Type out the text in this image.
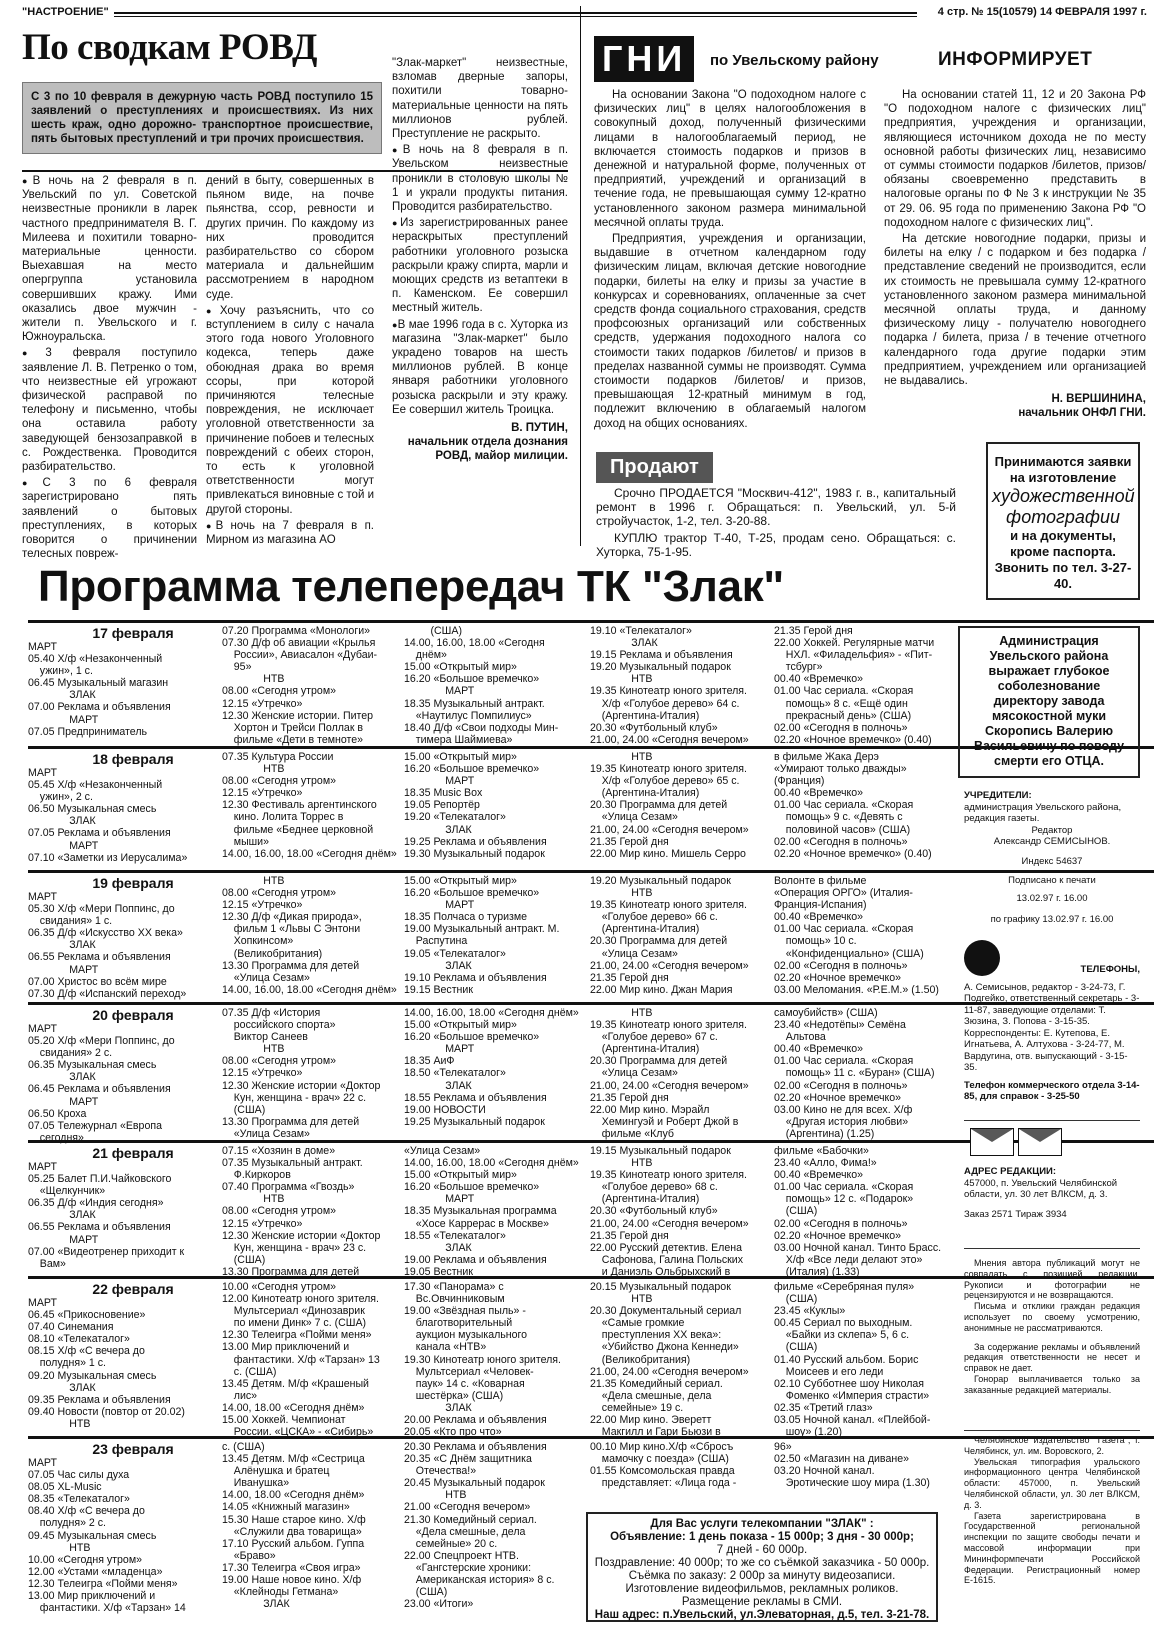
"НАСТРОЕНИЕ"	4 стр. № 15(10579) 14 ФЕВРАЛЯ 1997 г.
По сводкам РОВД
С 3 по 10 февраля в дежурную часть РОВД поступило 15 заявлений о преступлениях и происшествиях. Из них шесть краж, одно дорожно- транспортное происшествие, пять бытовых преступлений и три прочих происшествия.

● В ночь на 2 февраля в п. Увельский по ул. Советской неизвестные проникли в ларек частного предпринимателя В. Г. Милеева и похитили товарно-материальные ценности. Выехавшая на место опергруппа установила совершивших кражу. Ими оказались двое мужчин - жители п. Увельского и г. Южноуральска.

● 3 февраля поступило заявление Л. В. Петренко о том, что неизвестные ей угрожают физической расправой по телефону и письменно, чтобы она оставила работу заведующей бензозаправкой в с. Рождественка. Проводится разбирательство.

● С 3 по 6 февраля зарегистрировано пять заявлений о бытовых преступлениях, в которых говорится о причинении телесных повреж-

дений в быту, совершенных в пьяном виде, на почве пьянства, ссор, ревности и других причин. По каждому из них проводится разбирательство со сбором материала и дальнейшим рассмотрением в народном суде.

● Хочу разъяснить, что со вступлением в силу с начала этого года нового Уголовного кодекса, теперь даже обоюдная драка во время ссоры, при которой причиняются телесные повреждения, не исключает уголовной ответственности за причинение побоев и телесных повреждений с обеих сторон, то есть к уголовной ответственности могут привлекаться виновные с той и другой стороны.

● В ночь на 7 февраля в п. Мирном из магазина АО

"Злак-маркет" неизвестные, взломав дверные запоры, похитили товарно-материальные ценности на пять миллионов рублей. Преступление не раскрыто.

● В ночь на 8 февраля в п. Увельском неизвестные проникли в столовую школы № 1 и украли продукты питания. Проводится разбирательство.

● Из зарегистрированных ранее нераскрытых преступлений работники уголовного розыска раскрыли кражу спирта, марли и моющих средств из ветаптеки в п. Каменском. Ее совершил местный житель.

● В мае 1996 года в с. Хуторка из магазина "Злак-маркет" было украдено товаров на шесть миллионов рублей. В конце января работники уголовного розыска раскрыли и эту кражу. Ее совершил житель Троицка.

В. ПУТИН,
начальник отдела дознания РОВД, майор милиции.
ГНИ	по Увельскому району	ИНФОРМИРУЕТ

На основании Закона "О подоходном налоге с физических лиц" в целях налогообложения в совокупный доход, полученный физическими лицами в налогооблагаемый период, не включается стоимость подарков и призов в денежной и натуральной форме, полученных от предприятий, учреждений и организаций в течение года, не превышающая сумму 12-кратно установленного законом размера минимальной месячной оплаты труда.

Предприятия, учреждения и организации, выдавшие в отчетном календарном году физическим лицам, включая детские новогодние подарки, билеты на елку и призы за участие в конкурсах и соревнованиях, оплаченные за счет средств фонда социального страхования, средств профсоюзных организаций или собственных средств, удержания подоходного налога со стоимости таких подарков /билетов/ и призов в пределах названной суммы не производят. Сумма стоимости подарков /билетов/ и призов, превышающая 12-кратный минимум в год, подлежит включению в облагаемый налогом доход на общих основаниях.

На основании статей 11, 12 и 20 Закона РФ "О подоходном налоге с физических лиц" предприятия, учреждения и организации, являющиеся источником дохода не по месту основной работы физических лиц, независимо от суммы стоимости подарков /билетов, призов/ обязаны своевременно представить в налоговые органы по Ф № 3 к инструкции № 35 от 29. 06. 95 года по применению Закона РФ "О подоходном налоге с физических лиц".

На детские новогодние подарки, призы и билеты на елку / с подарком и без подарка / представление сведений не производится, если их стоимость не превышала сумму 12-кратного установленного законом размера минимальной месячной оплаты труда, и данному физическому лицу - получателю новогоднего подарка / билета, призa / в течение отчетного календарного года другие подарки этим предприятием, учреждением или организацией не выдавались.

Н. ВЕРШИНИНА,
начальник ОНФЛ ГНИ.
Продают

Срочно ПРОДАЕТСЯ "Москвич-412", 1983 г. в., капитальный ремонт в 1996 г. Обращаться: п. Увельский, ул. 5-й стройучасток, 1-2, тел. 3-20-88.

КУПЛЮ трактор Т-40, Т-25, продам сено. Обращаться: с. Хуторка, 75-1-95.

Принимаются заявки на изготовление
художественной фотографии
и на документы, кроме паспорта.
Звонить по тел. 3-27-40.
Программа телепередач ТК "Злак"
17 февраля
МАРТ
05.40 Х/ф «Незаконченный
ужин», 1 с.
06.45 Музыкальный магазин
ЗЛАК
07.00 Реклама и объявления
МАРТ
07.05 Предприниматель
07.20 Программа «Монологи»
07.30 Д/ф об авиации «Крылья
России», Авиасалон «Дубаи-
95»
НТВ
08.00 «Сегодня утром»
12.15 «Утречко»
12.30 Женские истории. Питер
Хортон и Трейси Поллак в
фильме «Дети в темноте»
(США)
14.00, 16.00, 18.00 «Сегодня
днём»
15.00 «Открытый мир»
16.20 «Большое времечко»
МАРТ
18.35 Музыкальный антракт.
«Наутилус Помпилиус»
18.40 Д/ф «Свои подходы Мин-
тимера Шаймиева»
19.10 «Телекаталог»
ЗЛАК
19.15 Реклама и объявления
19.20 Музыкальный подарок
НТВ
19.35 Кинотеатр юного зрителя.
Х/ф «Голубое дерево» 64 с.
(Аргентина-Италия)
20.30 «Футбольный клуб»
21.00, 24.00 «Сегодня вечером»
21.35 Герой дня
22.00 Хоккей. Регулярные матчи
НХЛ. «Филадельфия» - «Пит-
тсбург»
00.40 «Времечко»
01.00 Час сериала. «Скорая
помощь» 8 с. «Ещё один
прекрасный день» (США)
02.00 «Сегодня в полночь»
02.20 «Ночное времечко» (0.40)
18 февраля
МАРТ
05.45 Х/ф «Незаконченный
ужин», 2 с.
06.50 Музыкальная смесь
ЗЛАК
07.05 Реклама и объявления
МАРТ
07.10 «Заметки из Иерусалима»
07.35 Культура России
НТВ
08.00 «Сегодня утром»
12.15 «Утречко»
12.30 Фестиваль аргентинского
кино. Лолита Торрес в
фильме «Беднее церковной
мыши»
14.00, 16.00, 18.00 «Сегодня днём»
15.00 «Открытый мир»
16.20 «Большое времечко»
МАРТ
18.35 Music Box
19.05 Репортёр
19.20 «Телекаталог»
ЗЛАК
19.25 Реклама и объявления
19.30 Музыкальный подарок
НТВ
19.35 Кинотеатр юного зрителя.
Х/ф «Голубое дерево» 65 с.
(Аргентина-Италия)
20.30 Программа для детей
«Улица Сезам»
21.00, 24.00 «Сегодня вечером»
21.35 Герой дня
22.00 Мир кино. Мишель Серро
в фильме Жака Дерэ
«Умирают только дважды»
(Франция)
00.40 «Времечко»
01.00 Час сериала. «Скорая
помощь» 9 с. «Девять с
половиной часов» (США)
02.00 «Сегодня в полночь»
02.20 «Ночное времечко» (0.40)
19 февраля
МАРТ
05.30 Х/ф «Мери Поппинс, до
свидания» 1 с.
06.35 Д/ф «Искусство XX века»
ЗЛАК
06.55 Реклама и объявления
МАРТ
07.00 Христос во всём мире
07.30 Д/ф «Испанский переход»
НТВ
08.00 «Сегодня утром»
12.15 «Утречко»
12.30 Д/ф «Дикая природа»,
фильм 1 «Львы С Энтони
Хопкинсом»
(Великобритания)
13.30 Программа для детей
«Улица Сезам»
14.00, 16.00, 18.00 «Сегодня днём»
15.00 «Открытый мир»
16.20 «Большое времечко»
МАРТ
18.35 Полчаса о туризме
19.00 Музыкальный антракт. М.
Распутина
19.05 «Телекаталог»
ЗЛАК
19.10 Реклама и объявления
19.15 Вестник
19.20 Музыкальный подарок
НТВ
19.35 Кинотеатр юного зрителя.
«Голубое дерево» 66 с.
(Аргентина-Италия)
20.30 Программа для детей
«Улица Сезам»
21.00, 24.00 «Сегодня вечером»
21.35 Герой дня
22.00 Мир кино. Джан Мария
Волонте в фильме
«Операция ОРГО» (Италия-
Франция-Испания)
00.40 «Времечко»
01.00 Час сериала. «Скорая
помощь» 10 с.
«Конфиденциально» (США)
02.00 «Сегодня в полночь»
02.20 «Ночное времечко»
03.00 Меломания. «Р.Е.М.» (1.50)
20 февраля
МАРТ
05.20 Х/ф «Мери Поппинс, до
свидания» 2 с.
06.35 Музыкальная смесь
ЗЛАК
06.45 Реклама и объявления
МАРТ
06.50 Кроха
07.05 Тележурнал «Европа
сегодня»
07.35 Д/ф «История
российского спорта»
Виктор Санеев
НТВ
08.00 «Сегодня утром»
12.15 «Утречко»
12.30 Женские истории «Доктор
Кун, женщина - врач» 22 с.
(США)
13.30 Программа для детей
«Улица Сезам»
14.00, 16.00, 18.00 «Сегодня днём»
15.00 «Открытый мир»
16.20 «Большое времечко»
МАРТ
18.35 АиФ
18.50 «Телекаталог»
ЗЛАК
18.55 Реклама и объявления
19.00 НОВОСТИ
19.25 Музыкальный подарок
НТВ
19.35 Кинотеатр юного зрителя.
«Голубое дерево» 67 с.
(Аргентина-Италия)
20.30 Программа для детей
«Улица Сезам»
21.00, 24.00 «Сегодня вечером»
21.35 Герой дня
22.00 Мир кино. Мэрайл
Хемингуэй и Роберт Джой в
фильме «Клуб
самоубийств» (США)
23.40 «Недотёпы» Семёна
Альтова
00.40 «Времечко»
01.00 Час сериала. «Скорая
помощь» 11 с. «Буран» (США)
02.00 «Сегодня в полночь»
02.20 «Ночное времечко»
03.00 Кино не для всех. Х/ф
«Другая история любви»
(Аргентина) (1.25)
21 февраля
МАРТ
05.25 Балет П.И.Чайковского
«Щелкунчик»
06.35 Д/ф «Индия сегодня»
ЗЛАК
06.55 Реклама и объявления
МАРТ
07.00 «Видеотренер приходит к
Вам»
07.15 «Хозяин в доме»
07.35 Музыкальный антракт.
Ф.Киркоров
07.40 Программа «Гвоздь»
НТВ
08.00 «Сегодня утром»
12.15 «Утречко»
12.30 Женские истории «Доктор
Кун, женщина - врач» 23 с.
(США)
13.30 Программа для детей
«Улица Сезам»
14.00, 16.00, 18.00 «Сегодня днём»
15.00 «Открытый мир»
16.20 «Большое времечко»
МАРТ
18.35 Музыкальная программа
«Хосе Каррерас в Москве»
18.55 «Телекаталог»
ЗЛАК
19.00 Реклама и объявления
19.05 Вестник
19.15 Музыкальный подарок
НТВ
19.35 Кинотеатр юного зрителя.
«Голубое дерево» 68 с.
(Аргентина-Италия)
20.30 «Футбольный клуб»
21.00, 24.00 «Сегодня вечером»
21.35 Герой дня
22.00 Русский детектив. Елена
Сафонова, Галина Польских
и Даниэль Ольбрыхский в
фильме «Бабочки»
23.40 «Алло, Фима!»
00.40 «Времечко»
01.00 Час сериала. «Скорая
помощь» 12 с. «Подарок»
(США)
02.00 «Сегодня в полночь»
02.20 «Ночное времечко»
03.00 Ночной канал. Тинто Брасс.
Х/ф «Все леди делают это»
(Италия) (1.33)
22 февраля
МАРТ
06.45 «Прикосновение»
07.40 Синемания
08.10 «Телекаталог»
08.15 Х/ф «С вечера до
полудня» 1 с.
09.20 Музыкальная смесь
ЗЛАК
09.35 Реклама и объявления
09.40 Новости (повтор от 20.02)
НТВ
10.00 «Сегодня утром»
12.00 Кинотеатр юного зрителя.
Мультсериал «Динозаврик
по имени Динк» 7 с. (США)
12.30 Телеигра «Пойми меня»
13.00 Мир приключений и
фантастики. Х/ф «Тарзан» 13
с. (США)
13.45 Детям. М/ф «Крашеный
лис»
14.00, 18.00 «Сегодня днём»
15.00 Хоккей. Чемпионат
России. «ЦСКА» - «Сибирь»
17.30 «Панорама» с
Вс.Овчинниковым
19.00 «Звёздная пыль» -
благотворительный
аукцион музыкального
канала «НТВ»
19.30 Кинотеатр юного зрителя.
Мультсериал «Человек-
паук» 14 с. «Коварная
шестёрка» (США)
ЗЛАК
20.00 Реклама и объявления
20.05 «Кто про что»
20.15 Музыкальный подарок
НТВ
20.30 Документальный сериал
«Самые громкие
преступления XX века»:
«Убийство Джона Кеннеди»
(Великобритания)
21.00, 24.00 «Сегодня вечером»
21.35 Комедийный сериал.
«Дела смешные, дела
семейные» 19 с.
22.00 Мир кино. Эверетт
Макгилл и Гари Бьюзи в
фильме «Серебряная пуля»
(США)
23.45 «Куклы»
00.45 Сериал по выходным.
«Байки из склепа» 5, 6 с.
(США)
01.40 Русский альбом. Борис
Моисеев и его леди
02.10 Субботнее шоу Николая
Фоменко «Империя страсти»
02.35 «Третий глаз»
03.05 Ночной канал. «Плейбой-
шоу» (1.20)
23 февраля
МАРТ
07.05 Час силы духа
08.05 XL-Music
08.35 «Телекаталог»
08.40 Х/ф «С вечера до
полудня» 2 с.
09.45 Музыкальная смесь
НТВ
10.00 «Сегодня утром»
12.00 «Устами «младенца»
12.30 Телеигра «Пойми меня»
13.00 Мир приключений и
фантастики. Х/ф «Тарзан» 14
с. (США)
13.45 Детям. М/ф «Сестрица
Алёнушка и братец
Иванушка»
14.00, 18.00 «Сегодня днём»
14.05 «Книжный магазин»
15.30 Наше старое кино. Х/ф
«Служили два товарища»
17.10 Русский альбом. Гуппа
«Браво»
17.30 Телеигра «Своя игра»
19.00 Наше новое кино. Х/ф
«Клейноды Гетмана»
ЗЛАК
20.30 Реклама и объявления
20.35 «С Днём защитника
Отечества!»
20.45 Музыкальный подарок
НТВ
21.00 «Сегодня вечером»
21.30 Комедийный сериал.
«Дела смешные, дела
семейные» 20 с.
22.00 Спецпроект НТВ.
«Гангстерские хроники:
Американская история» 8 с.
(США)
23.00 «Итоги»
00.10 Мир кино.Х/ф «Сбросъ
мамочку с поезда» (США)
01.55 Комсомольская правда
представляет: «Лица года -
96»
02.50 «Магазин на диване»
03.20 Ночной канал.
Эротические шоу мира (1.30)
Для Вас услуги телекомпании "ЗЛАК" :
Объявление: 1 день показа - 15 000р; 3 дня - 30 000р;
7 дней - 60 000р.
Поздравление: 40 000р; то же со съёмкой заказчика - 50 000р.
Съёмка по заказу: 2 000р за минуту видеозаписи.
Изготовление видеофильмов, рекламных роликов.
Размещение рекламы в СМИ.
Наш адрес: п.Увельский, ул.Элеваторная, д.5, тел. 3-21-78.
Администрация Увельского района выражает глубокое соболезнование директору завода мясокостной муки Скоропись Валерию Васильевичу по поводу смерти его ОТЦА.
УЧРЕДИТЕЛИ:
администрация Увельского района, редакция газеты.
Редактор
Александр СЕМИСЫНОВ.
Индекс 54637
Подписано к печати
13.02.97 г. 16.00
по графику 13.02.97 г. 16.00
ТЕЛЕФОНЫ,
А. Семисынов, редактор - 3-24-73, Г. Подгейко, ответственный секретарь - 3-11-87, заведующие отделами: Т. Зюзина, З. Попова - 3-15-35. Корреспонденты: Е. Кутепова, Е. Игнатьева, А. Алтухова - 3-24-77, М. Вардугина, отв. выпускающий - 3-15-35.
Телефон коммерческого отдела 3-14-85, для справок - 3-25-50
АДРЕС РЕДАКЦИИ:
457000, п. Увельский Челябинской области, ул. 30 лет ВЛКСМ, д. 3.
Заказ 2571 Тираж 3934
Мнения автора публикаций могут не совпадать с позицией редакции. Рукописи и фотографии не рецензируются и не возвращаются.
Письма и отклики граждан редакция использует по своему усмотрению, анонимные не рассматриваются.
За содержание рекламы и объявлений редакция ответственности не несет и справок не дает.
Гонорар выплачивается только за заказанные редакцией материалы.
Челябинское издательство "Газета", г. Челябинск, ул. им. Воровского, 2.
Увельская типография уральского информационного центра Челябинской области: 457000, п. Увельский Челябинской области, ул. 30 лет ВЛКСМ, д. 3.
Газета зарегистрирована в Государственной региональной инспекции по защите свободы печати и массовой информации при Мининформпечати Российской Федерации. Регистрационный номер Е-1615.
